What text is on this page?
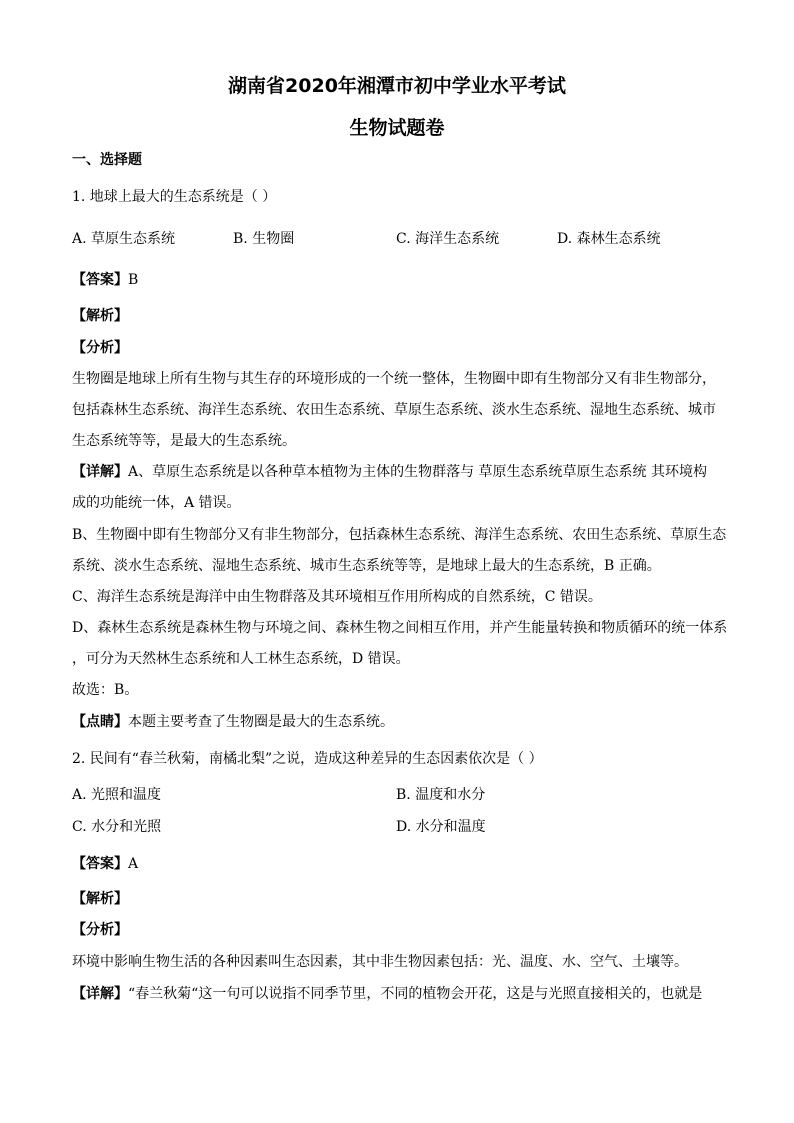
湖南省2020年湘潭市初中学业水平考试
生物试题卷
一、选择题
1. 地球上最大的生态系统是（ ）
A. 草原生态系统	B. 生物圈	C. 海洋生态系统	D. 森林生态系统
【答案】B
【解析】
【分析】
生物圈是地球上所有生物与其生存的环境形成的一个统一整体，生物圈中即有生物部分又有非生物部分，
包括森林生态系统、海洋生态系统、农田生态系统、草原生态系统、淡水生态系统、湿地生态系统、城市
生态系统等等，是最大的生态系统。
【详解】A、草原生态系统是以各种草本植物为主体的生物群落与 草原生态系统草原生态系统 其环境构
成的功能统一体，A 错误。
B、生物圈中即有生物部分又有非生物部分，包括森林生态系统、海洋生态系统、农田生态系统、草原生态
系统、淡水生态系统、湿地生态系统、城市生态系统等等，是地球上最大的生态系统，B 正确。
C、海洋生态系统是海洋中由生物群落及其环境相互作用所构成的自然系统，C 错误。
D、森林生态系统是森林生物与环境之间、森林生物之间相互作用，并产生能量转换和物质循环的统一体系
，可分为天然林生态系统和人工林生态系统，D 错误。
故选：B。
【点睛】本题主要考查了生物圈是最大的生态系统。
2. 民间有“春兰秋菊，南橘北梨”之说，造成这种差异的生态因素依次是（ ）
A. 光照和温度	B. 温度和水分
C. 水分和光照	D. 水分和温度
【答案】A
【解析】
【分析】
环境中影响生物生活的各种因素叫生态因素，其中非生物因素包括：光、温度、水、空气、土壤等。
【详解】“春兰秋菊“这一句可以说指不同季节里，不同的植物会开花，这是与光照直接相关的，也就是
